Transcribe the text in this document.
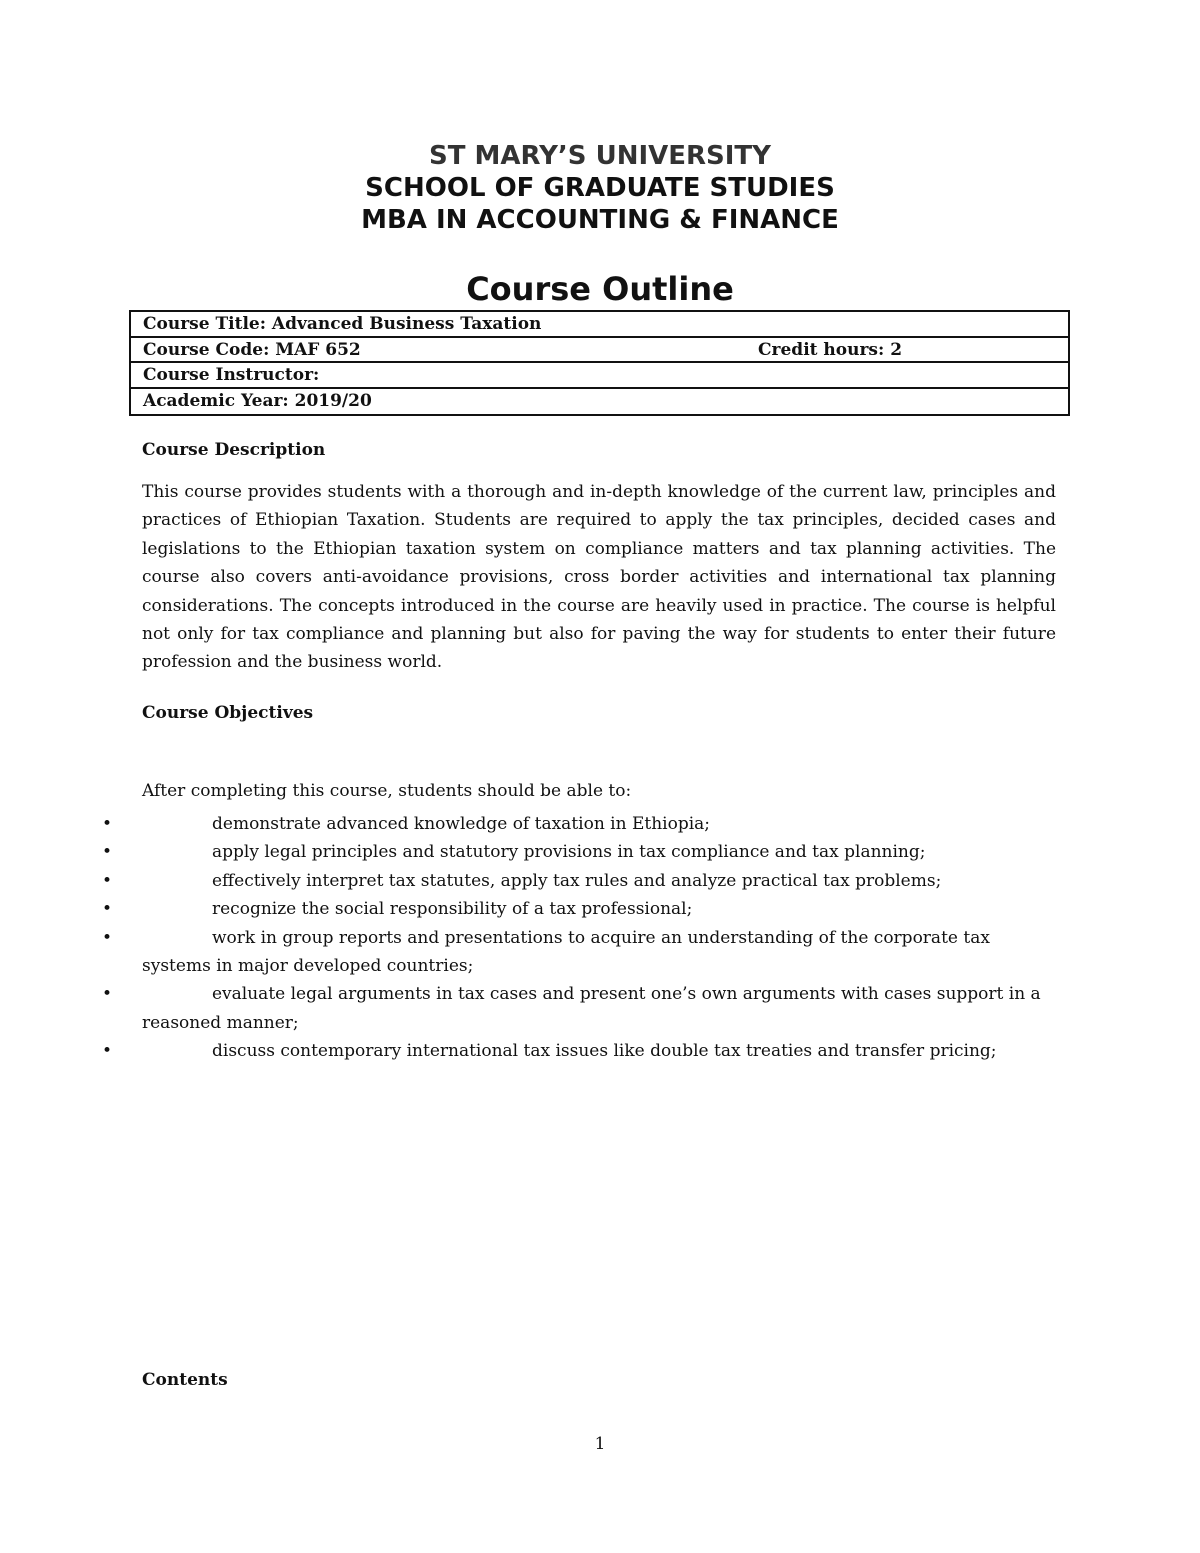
ST MARY’S UNIVERSITY
SCHOOL OF GRADUATE STUDIES
MBA IN ACCOUNTING & FINANCE
Course Outline
Course Title: Advanced Business Taxation
Course Code: MAF 652	Credit hours: 2
Course Instructor:
Academic Year: 2019/20
Course Description
This course provides students with a thorough and in-depth knowledge of the current law, principles and practices of Ethiopian Taxation. Students are required to apply the tax principles, decided cases and legislations to the Ethiopian taxation system on compliance matters and tax planning activities. The course also covers anti-avoidance provisions, cross border activities and international tax planning considerations. The concepts introduced in the course are heavily used in practice. The course is helpful not only for tax compliance and planning but also for paving the way for students to enter their future profession and the business world.
Course Objectives
After completing this course, students should be able to:
•	demonstrate advanced knowledge of taxation in Ethiopia;
•	apply legal principles and statutory provisions in tax compliance and tax planning;
•	effectively interpret tax statutes, apply tax rules and analyze practical tax problems;
•	recognize the social responsibility of a tax professional;
•	work in group reports and presentations to acquire an understanding of the corporate tax systems in major developed countries;
•	evaluate legal arguments in tax cases and present one’s own arguments with cases support in a reasoned manner;
•	discuss contemporary international tax issues like double tax treaties and transfer pricing;
Contents
1
